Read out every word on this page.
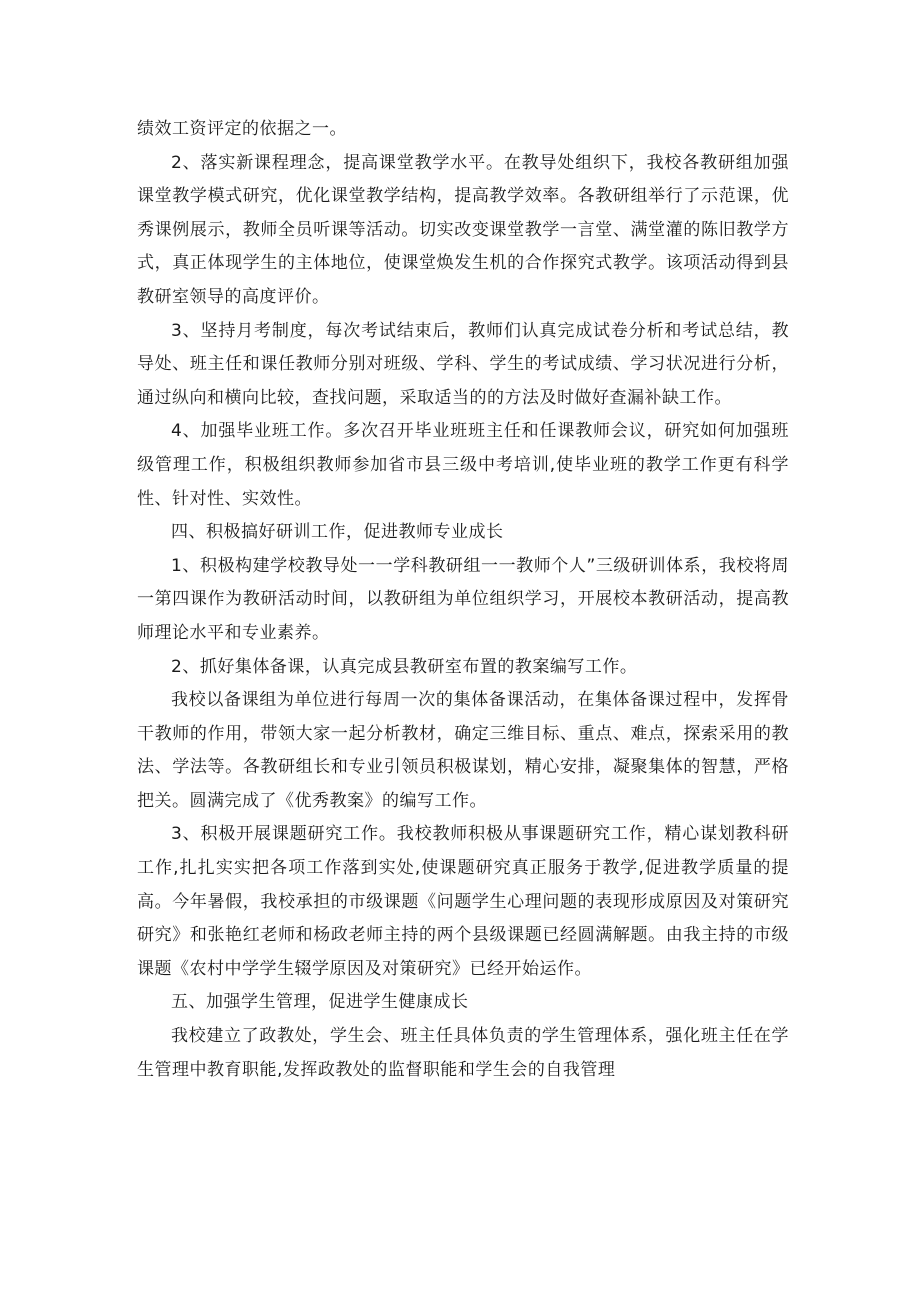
绩效工资评定的依据之一。

2、落实新课程理念，提高课堂教学水平。在教导处组织下，我校各教研组加强课堂教学模式研究，优化课堂教学结构，提高教学效率。各教研组举行了示范课，优秀课例展示，教师全员听课等活动。切实改变课堂教学一言堂、满堂灌的陈旧教学方式，真正体现学生的主体地位，使课堂焕发生机的合作探究式教学。该项活动得到县教研室领导的高度评价。

3、坚持月考制度，每次考试结束后，教师们认真完成试卷分析和考试总结，教导处、班主任和课任教师分别对班级、学科、学生的考试成绩、学习状况进行分析，通过纵向和横向比较，查找问题，采取适当的的方法及时做好查漏补缺工作。

4、加强毕业班工作。多次召开毕业班班主任和任课教师会议，研究如何加强班级管理工作，积极组织教师参加省市县三级中考培训,使毕业班的教学工作更有科学性、针对性、实效性。

四、积极搞好研训工作，促进教师专业成长

1、积极构建学校教导处一一学科教研组一一教师个人”三级研训体系，我校将周一第四课作为教研活动时间，以教研组为单位组织学习，开展校本教研活动，提高教师理论水平和专业素养。

2、抓好集体备课，认真完成县教研室布置的教案编写工作。

我校以备课组为单位进行每周一次的集体备课活动，在集体备课过程中，发挥骨干教师的作用，带领大家一起分析教材，确定三维目标、重点、难点，探索采用的教法、学法等。各教研组长和专业引领员积极谋划，精心安排，凝聚集体的智慧，严格把关。圆满完成了《优秀教案》的编写工作。

3、积极开展课题研究工作。我校教师积极从事课题研究工作，精心谋划教科研工作,扎扎实实把各项工作落到实处,使课题研究真正服务于教学,促进教学质量的提高。今年暑假，我校承担的市级课题《问题学生心理问题的表现形成原因及对策研究研究》和张艳红老师和杨政老师主持的两个县级课题已经圆满解题。由我主持的市级课题《农村中学学生辍学原因及对策研究》已经开始运作。

五、加强学生管理，促进学生健康成长

我校建立了政教处，学生会、班主任具体负责的学生管理体系，强化班主任在学生管理中教育职能,发挥政教处的监督职能和学生会的自我管理
